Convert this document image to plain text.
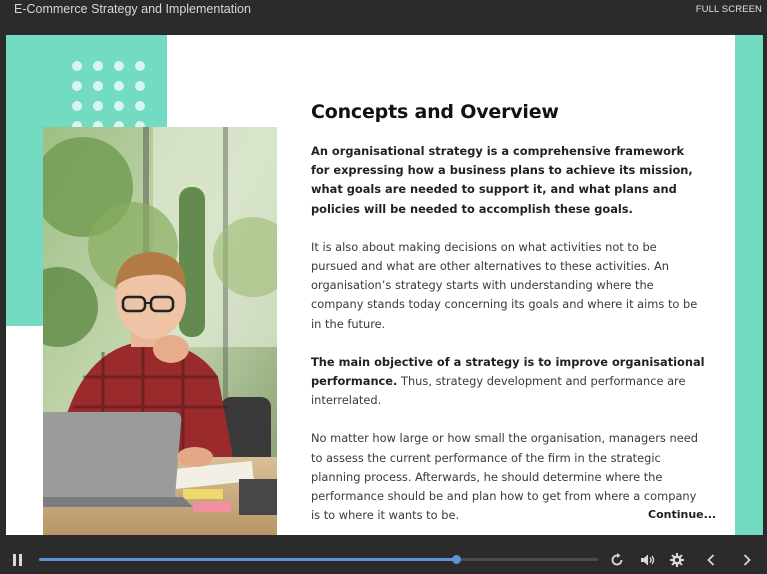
E-Commerce Strategy and Implementation	FULL SCREEN
Concepts and Overview

An organisational strategy is a comprehensive framework for expressing how a business plans to achieve its mission, what goals are needed to support it, and what plans and policies will be needed to accomplish these goals.

It is also about making decisions on what activities not to be pursued and what are other alternatives to these activities. An organisation’s strategy starts with understanding where the company stands today concerning its goals and where it aims to be in the future.

The main objective of a strategy is to improve organisational performance. Thus, strategy development and performance are interrelated.

No matter how large or how small the organisation, managers need to assess the current performance of the firm in the strategic planning process. Afterwards, he should determine where the performance should be and plan how to get from where a company is to where it wants to be.	Continue...
